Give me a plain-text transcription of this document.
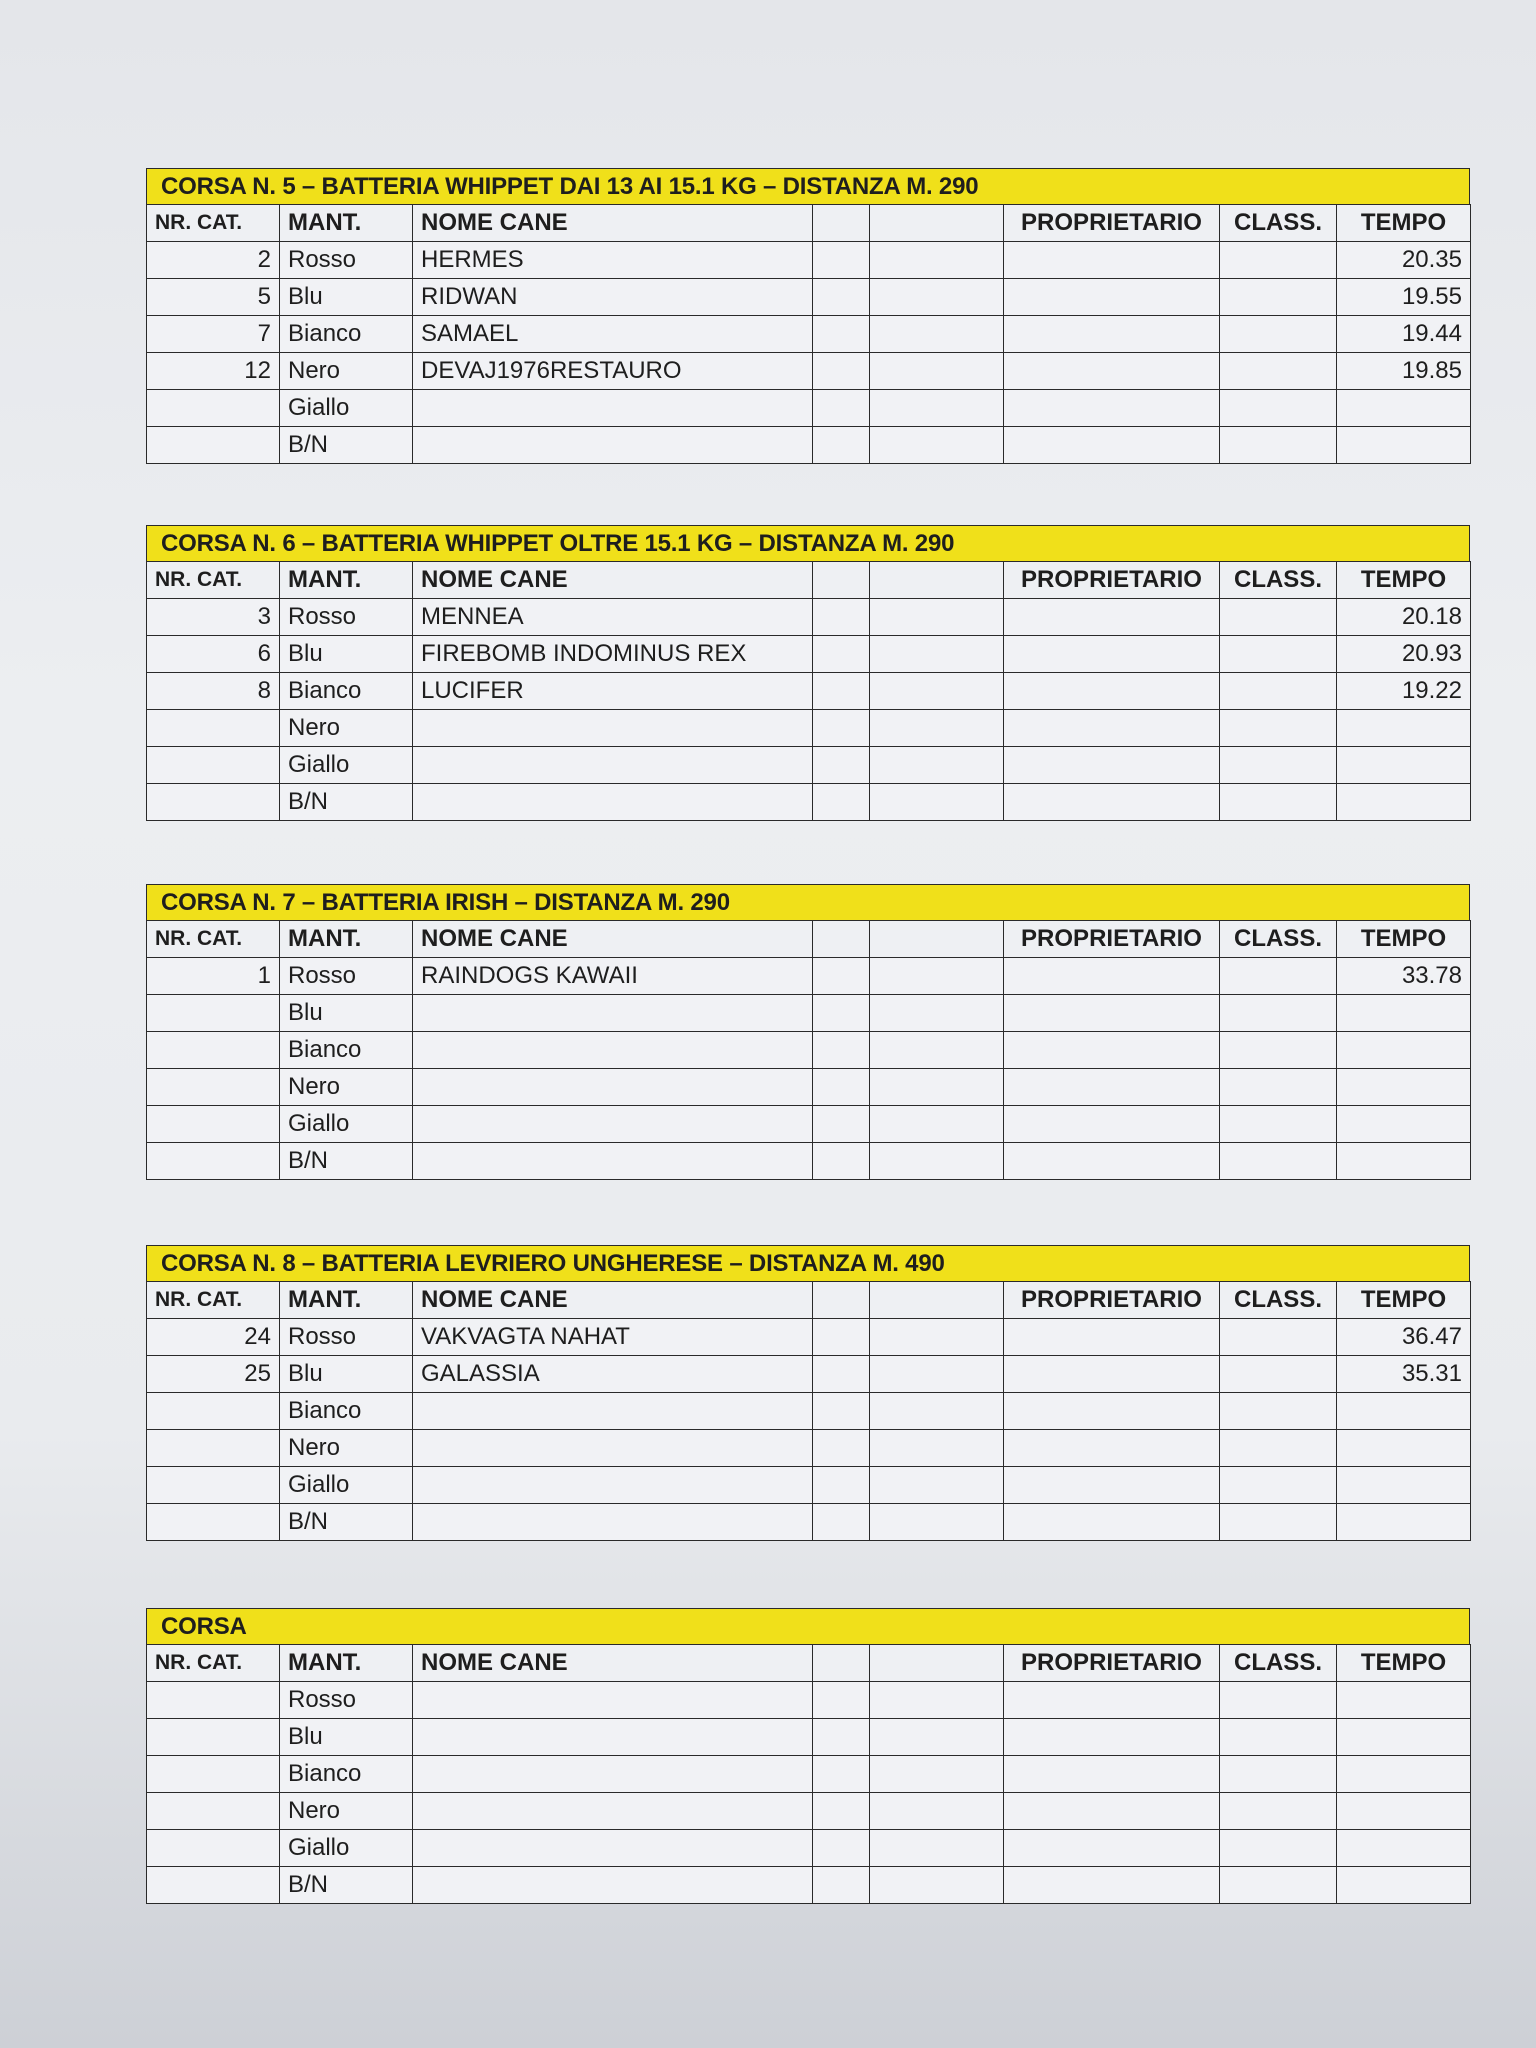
CORSA N. 5 – BATTERIA WHIPPET DAI 13 AI 15.1 KG – DISTANZA M. 290
NR. CAT.	MANT.	NOME CANE			PROPRIETARIO	CLASS.	TEMPO
2	Rosso	HERMES					20.35
5	Blu	RIDWAN					19.55
7	Bianco	SAMAEL					19.44
12	Nero	DEVAJ1976RESTAURO					19.85
	Giallo						
	B/N						
CORSA N. 6 – BATTERIA WHIPPET OLTRE 15.1 KG – DISTANZA M. 290
NR. CAT.	MANT.	NOME CANE			PROPRIETARIO	CLASS.	TEMPO
3	Rosso	MENNEA					20.18
6	Blu	FIREBOMB INDOMINUS REX					20.93
8	Bianco	LUCIFER					19.22
	Nero						
	Giallo						
	B/N						
CORSA N. 7 – BATTERIA IRISH – DISTANZA M. 290
NR. CAT.	MANT.	NOME CANE			PROPRIETARIO	CLASS.	TEMPO
1	Rosso	RAINDOGS KAWAII					33.78
	Blu						
	Bianco						
	Nero						
	Giallo						
	B/N						
CORSA N. 8 – BATTERIA LEVRIERO UNGHERESE – DISTANZA M. 490
NR. CAT.	MANT.	NOME CANE			PROPRIETARIO	CLASS.	TEMPO
24	Rosso	VAKVAGTA NAHAT					36.47
25	Blu	GALASSIA					35.31
	Bianco						
	Nero						
	Giallo						
	B/N						
CORSA
NR. CAT.	MANT.	NOME CANE			PROPRIETARIO	CLASS.	TEMPO
	Rosso						
	Blu						
	Bianco						
	Nero						
	Giallo						
	B/N						
